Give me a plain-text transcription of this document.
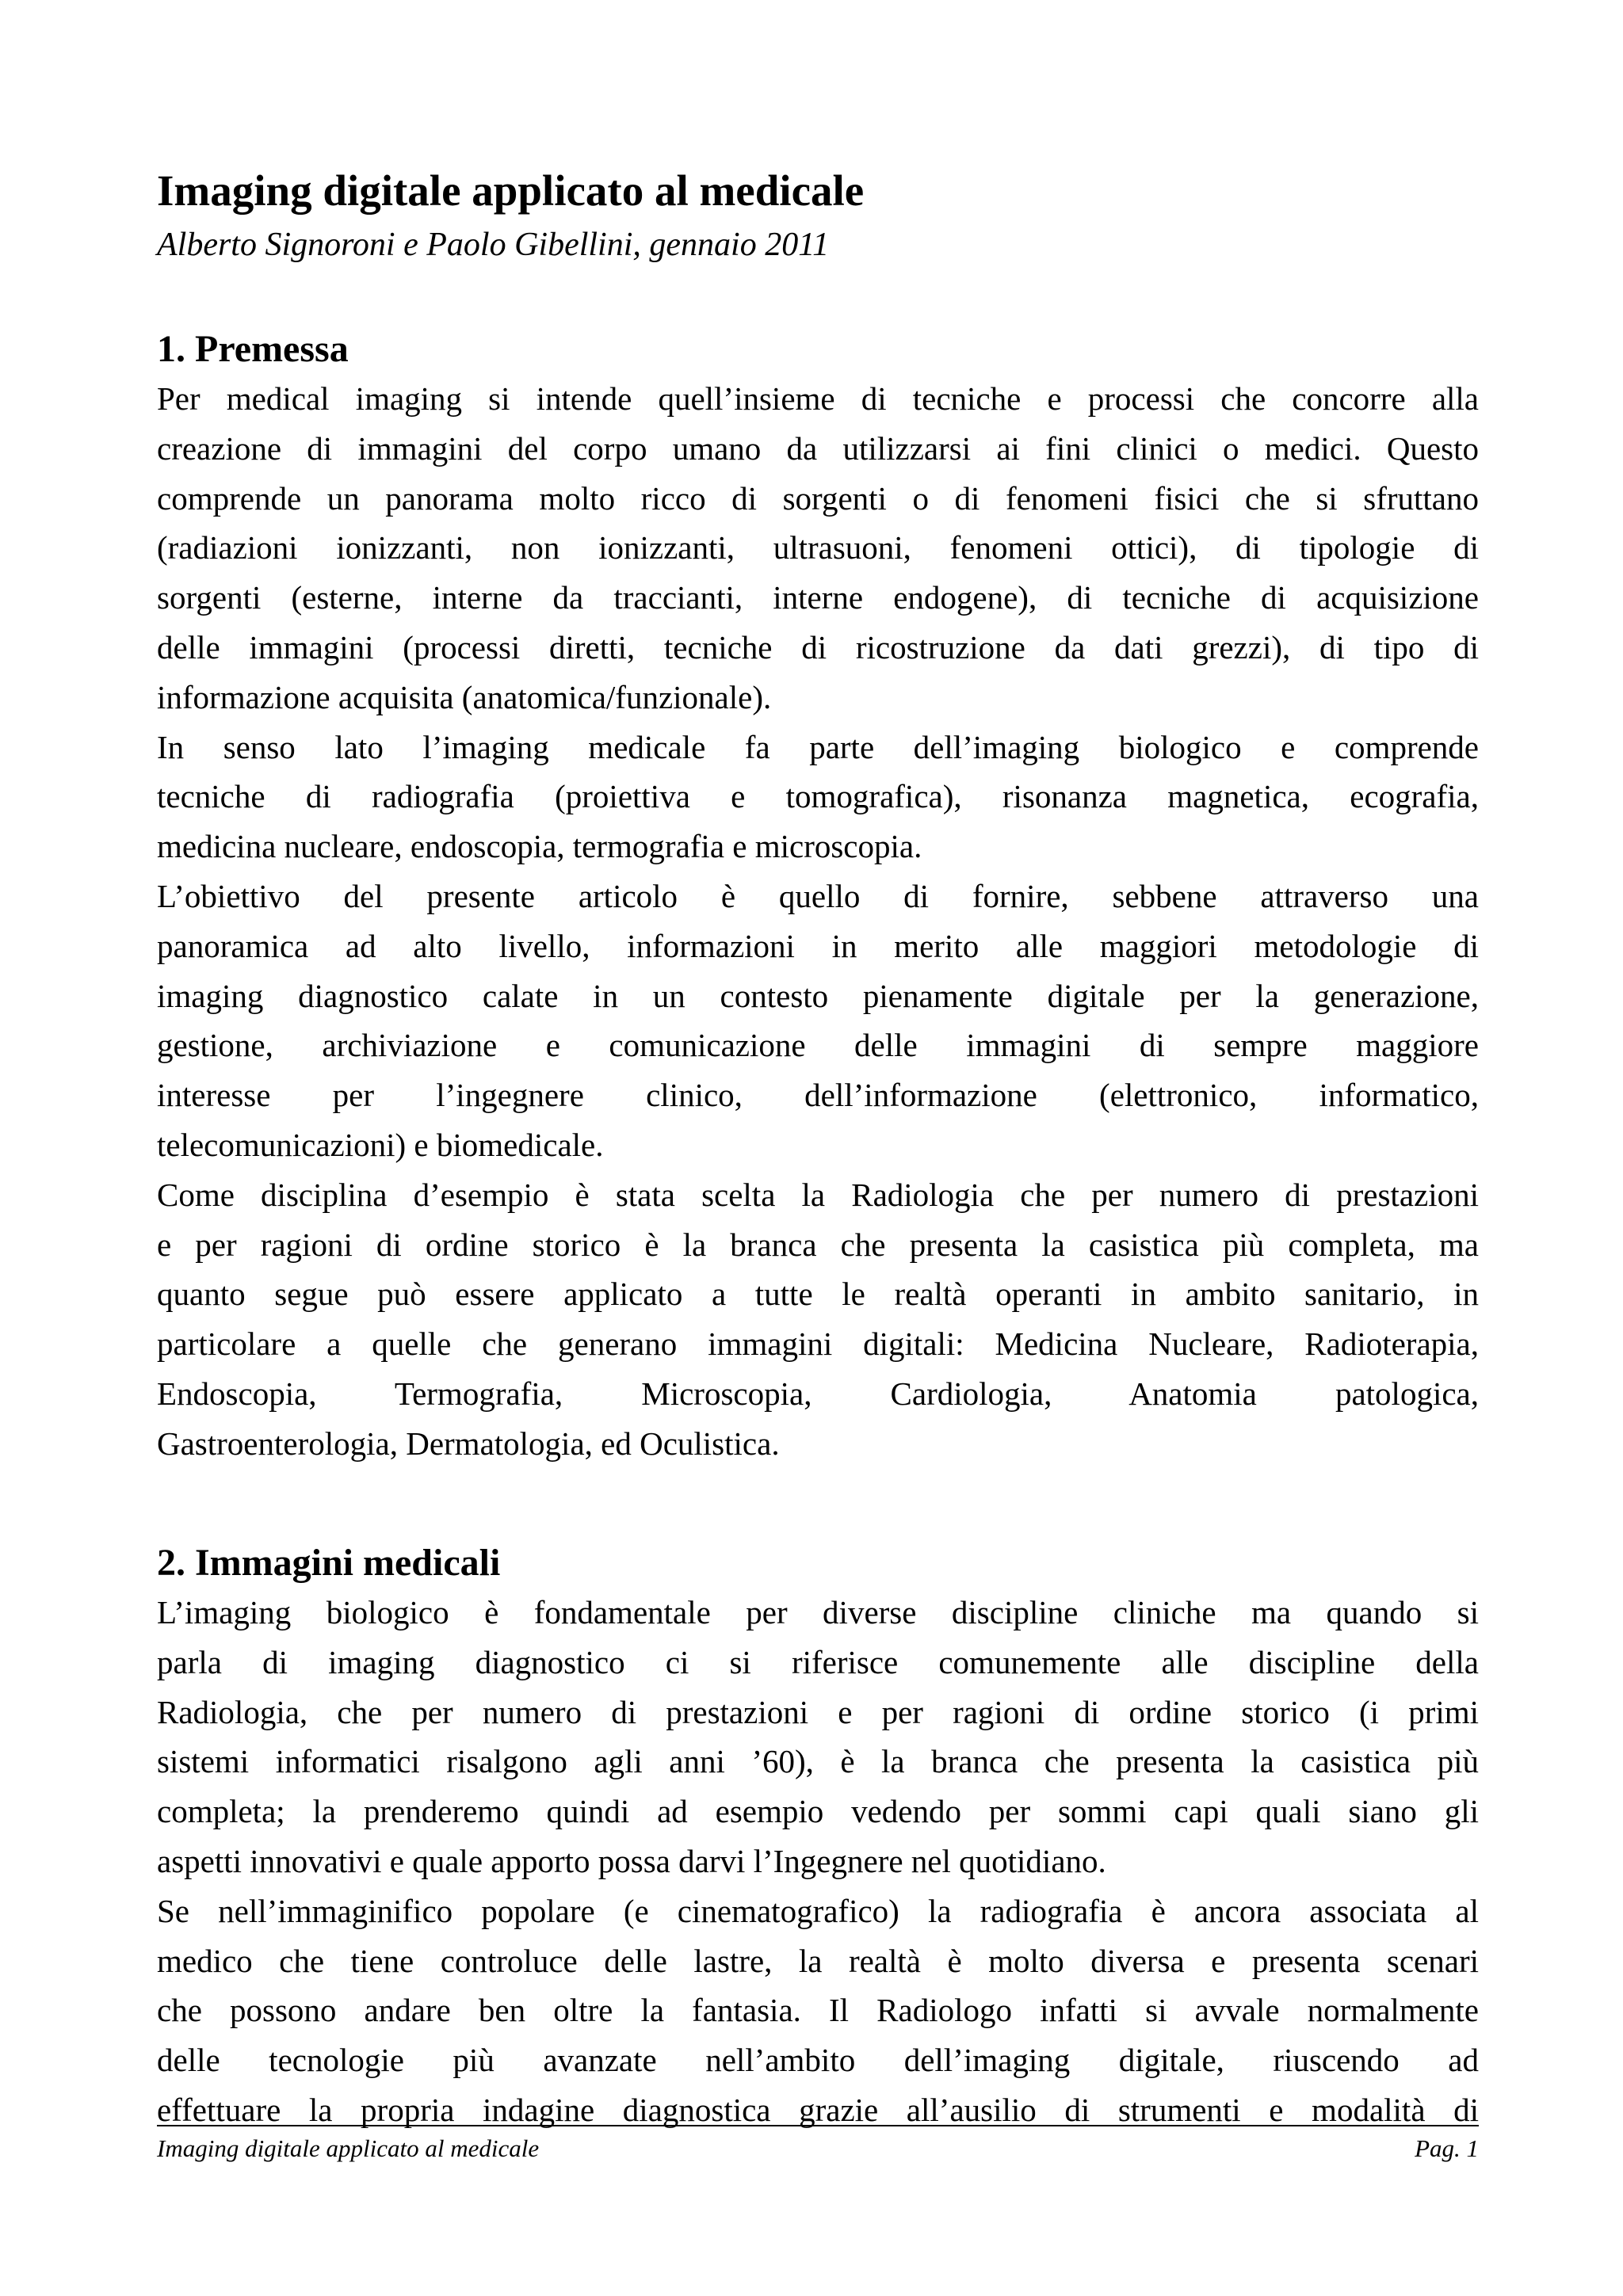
Imaging digitale applicato al medicale

Alberto Signoroni e Paolo Gibellini, gennaio 2011

1. Premessa

Per medical imaging si intende quell’insieme di tecniche e processi che concorre alla
creazione di immagini del corpo umano da utilizzarsi ai fini clinici o medici. Questo
comprende un panorama molto ricco di sorgenti o di fenomeni fisici che si sfruttano
(radiazioni ionizzanti, non ionizzanti, ultrasuoni, fenomeni ottici), di tipologie di
sorgenti (esterne, interne da traccianti, interne endogene), di tecniche di acquisizione
delle immagini (processi diretti, tecniche di ricostruzione da dati grezzi), di tipo di
informazione acquisita (anatomica/funzionale).

In senso lato l’imaging medicale fa parte dell’imaging biologico e comprende
tecniche di radiografia (proiettiva e tomografica), risonanza magnetica, ecografia,
medicina nucleare, endoscopia, termografia e microscopia.

L’obiettivo del presente articolo è quello di fornire, sebbene attraverso una
panoramica ad alto livello, informazioni in merito alle maggiori metodologie di
imaging diagnostico calate in un contesto pienamente digitale per la generazione,
gestione, archiviazione e comunicazione delle immagini di sempre maggiore
interesse per l’ingegnere clinico, dell’informazione (elettronico, informatico,
telecomunicazioni) e biomedicale.

Come disciplina d’esempio è stata scelta la Radiologia che per numero di prestazioni
e per ragioni di ordine storico è la branca che presenta la casistica più completa, ma
quanto segue può essere applicato a tutte le realtà operanti in ambito sanitario, in
particolare a quelle che generano immagini digitali: Medicina Nucleare, Radioterapia,
Endoscopia, Termografia, Microscopia, Cardiologia, Anatomia patologica,
Gastroenterologia, Dermatologia, ed Oculistica.

2. Immagini medicali

L’imaging biologico è fondamentale per diverse discipline cliniche ma quando si
parla di imaging diagnostico ci si riferisce comunemente alle discipline della
Radiologia, che per numero di prestazioni e per ragioni di ordine storico (i primi
sistemi informatici risalgono agli anni ’60), è la branca che presenta la casistica più
completa; la prenderemo quindi ad esempio vedendo per sommi capi quali siano gli
aspetti innovativi e quale apporto possa darvi l’Ingegnere nel quotidiano.

Se nell’immaginifico popolare (e cinematografico) la radiografia è ancora associata al
medico che tiene controluce delle lastre, la realtà è molto diversa e presenta scenari
che possono andare ben oltre la fantasia. Il Radiologo infatti si avvale normalmente
delle tecnologie più avanzate nell’ambito dell’imaging digitale, riuscendo ad
effettuare la propria indagine diagnostica grazie all’ausilio di strumenti e modalità di

Imaging digitale applicato al medicale	Pag. 1
